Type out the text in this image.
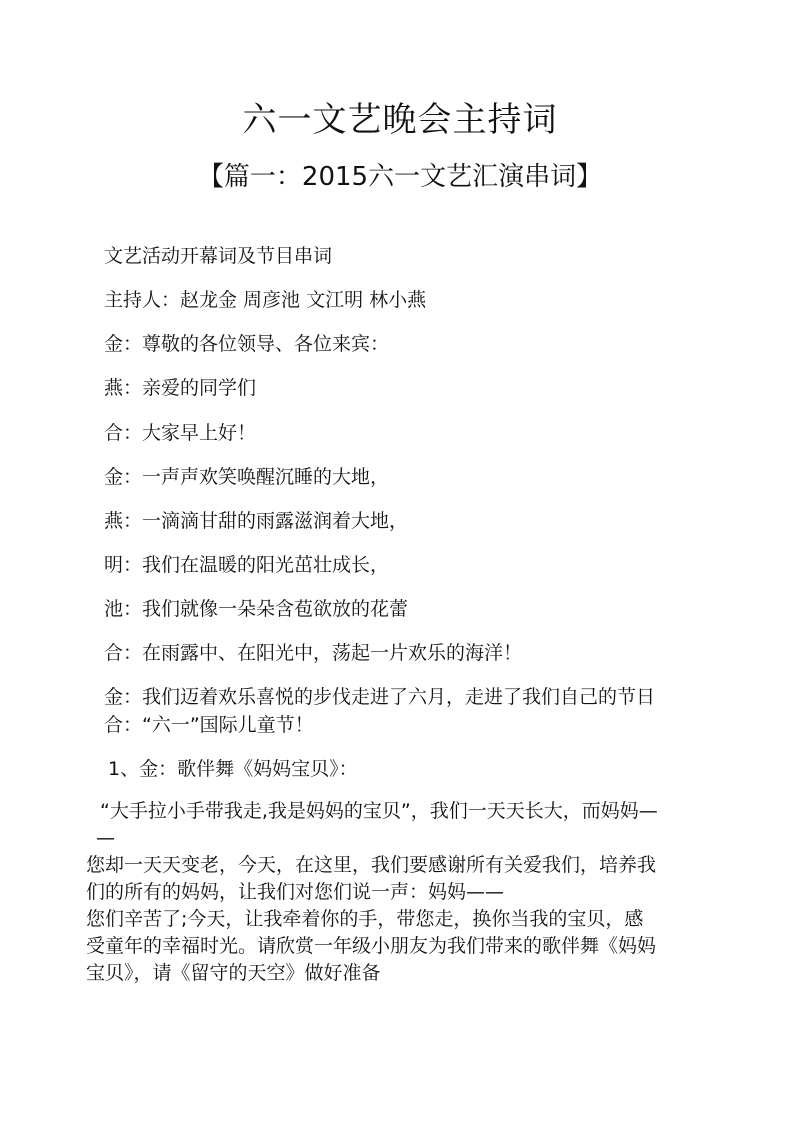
六一文艺晚会主持词
【篇一：2015六一文艺汇演串词】
文艺活动开幕词及节目串词
主持人：赵龙金 周彦池 文江明 林小燕
金：尊敬的各位领导、各位来宾：
燕：亲爱的同学们
合：大家早上好！
金：一声声欢笑唤醒沉睡的大地，
燕：一滴滴甘甜的雨露滋润着大地，
明：我们在温暖的阳光茁壮成长，
池：我们就像一朵朵含苞欲放的花蕾
合：在雨露中、在阳光中，荡起一片欢乐的海洋！
金：我们迈着欢乐喜悦的步伐走进了六月，走进了我们自己的节日
合：“六一”国际儿童节！
1、金：歌伴舞《妈妈宝贝》：
“大手拉小手带我走,我是妈妈的宝贝”，我们一天天长大，而妈妈—
—
您却一天天变老，今天，在这里，我们要感谢所有关爱我们，培养我
们的所有的妈妈，让我们对您们说一声：妈妈——
您们辛苦了;今天，让我牵着你的手，带您走，换你当我的宝贝，感
受童年的幸福时光。请欣赏一年级小朋友为我们带来的歌伴舞《妈妈
宝贝》，请《留守的天空》做好准备
